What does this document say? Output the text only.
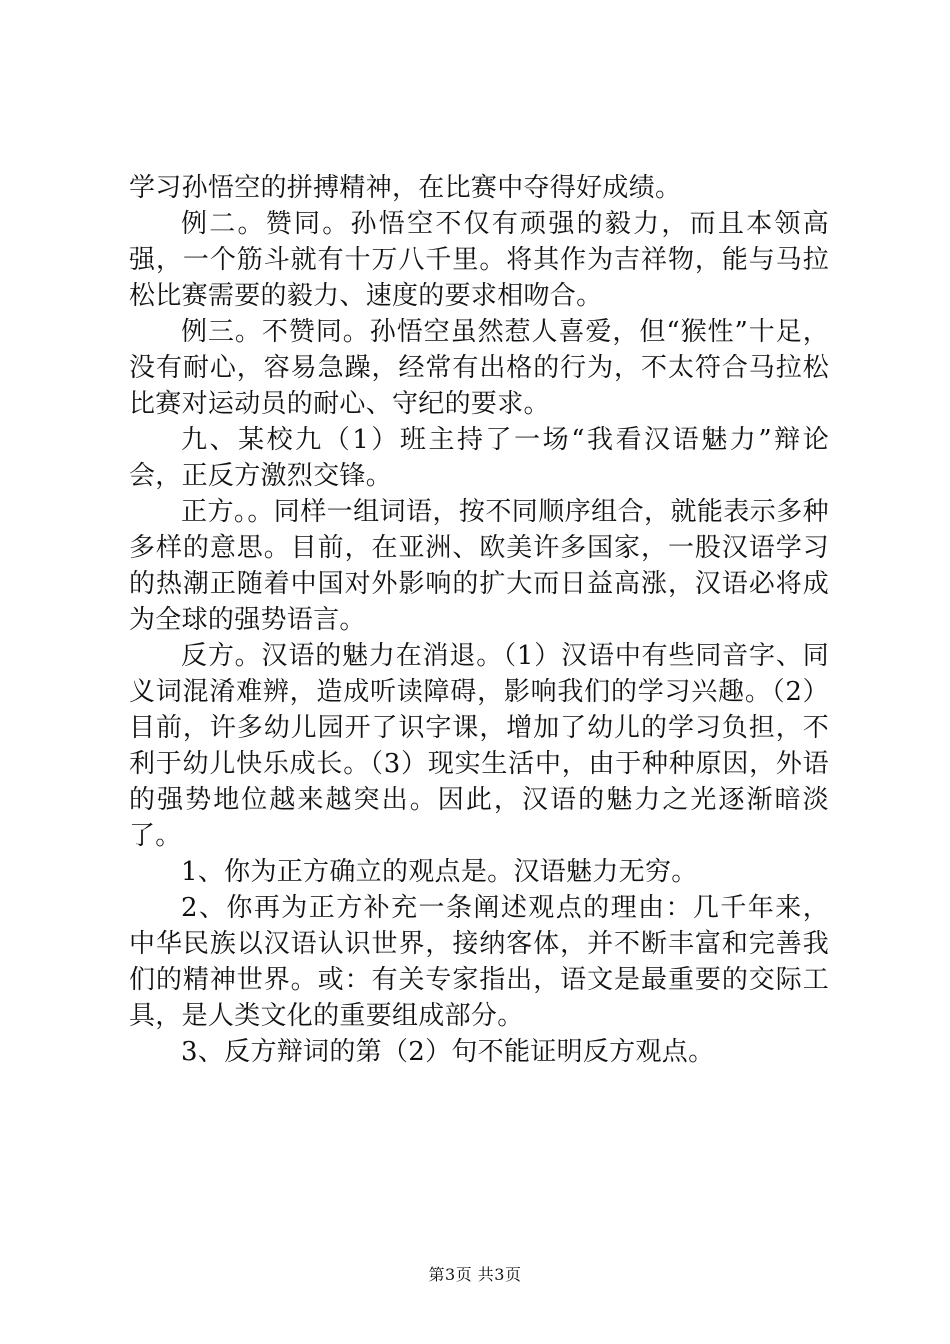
学习孙悟空的拼搏精神，在比赛中夺得好成绩。

例二。赞同。孙悟空不仅有顽强的毅力，而且本领高强，一个筋斗就有十万八千里。将其作为吉祥物，能与马拉松比赛需要的毅力、速度的要求相吻合。

例三。不赞同。孙悟空虽然惹人喜爱，但“猴性”十足，没有耐心，容易急躁，经常有出格的行为，不太符合马拉松比赛对运动员的耐心、守纪的要求。

九、某校九（1）班主持了一场“我看汉语魅力”辩论会，正反方激烈交锋。

正方。。同样一组词语，按不同顺序组合，就能表示多种多样的意思。目前，在亚洲、欧美许多国家，一股汉语学习的热潮正随着中国对外影响的扩大而日益高涨，汉语必将成为全球的强势语言。

反方。汉语的魅力在消退。（1）汉语中有些同音字、同义词混淆难辨，造成听读障碍，影响我们的学习兴趣。（2）目前，许多幼儿园开了识字课，增加了幼儿的学习负担，不利于幼儿快乐成长。（3）现实生活中，由于种种原因，外语的强势地位越来越突出。因此，汉语的魅力之光逐渐暗淡了。

1、你为正方确立的观点是。汉语魅力无穷。

2、你再为正方补充一条阐述观点的理由：几千年来，中华民族以汉语认识世界，接纳客体，并不断丰富和完善我们的精神世界。或：有关专家指出，语文是最重要的交际工具，是人类文化的重要组成部分。

3、反方辩词的第（2）句不能证明反方观点。

第3页 共3页
